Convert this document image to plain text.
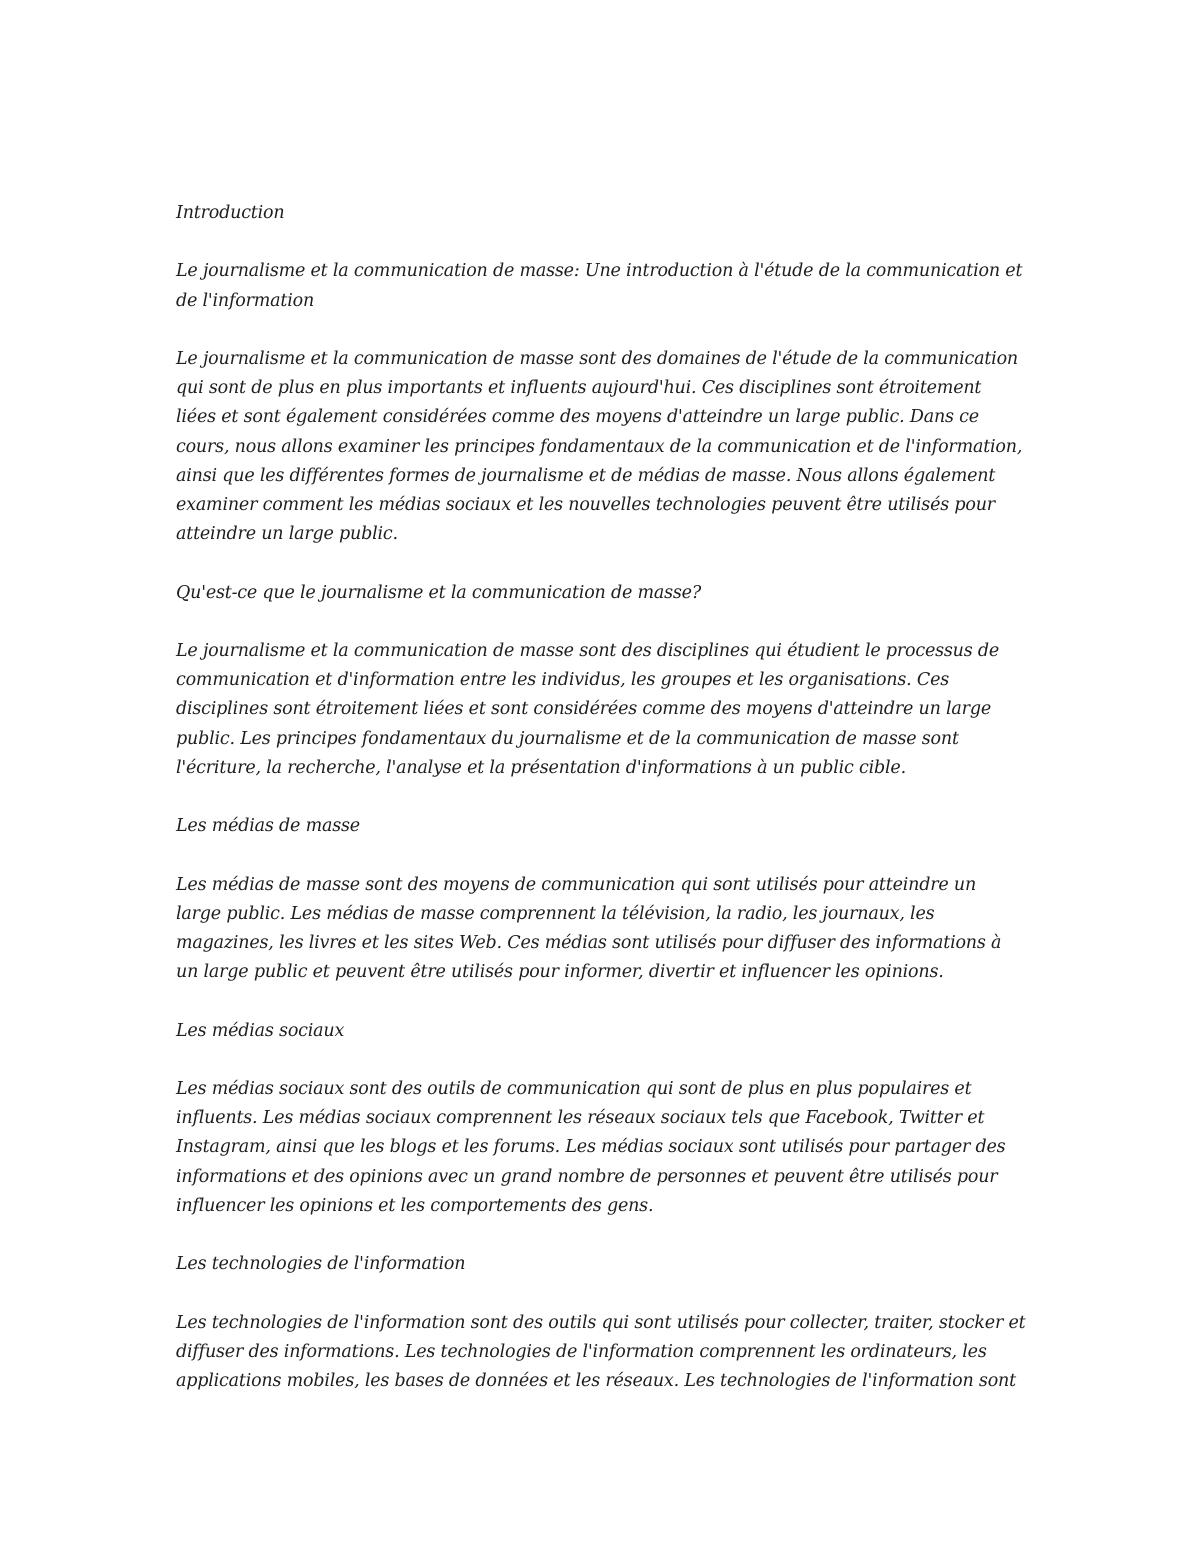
Introduction

Le journalisme et la communication de masse: Une introduction à l'étude de la communication et de l'information

Le journalisme et la communication de masse sont des domaines de l'étude de la communication qui sont de plus en plus importants et influents aujourd'hui. Ces disciplines sont étroitement liées et sont également considérées comme des moyens d'atteindre un large public. Dans ce cours, nous allons examiner les principes fondamentaux de la communication et de l'information, ainsi que les différentes formes de journalisme et de médias de masse. Nous allons également examiner comment les médias sociaux et les nouvelles technologies peuvent être utilisés pour atteindre un large public.

Qu'est-ce que le journalisme et la communication de masse?

Le journalisme et la communication de masse sont des disciplines qui étudient le processus de communication et d'information entre les individus, les groupes et les organisations. Ces disciplines sont étroitement liées et sont considérées comme des moyens d'atteindre un large public. Les principes fondamentaux du journalisme et de la communication de masse sont l'écriture, la recherche, l'analyse et la présentation d'informations à un public cible.

Les médias de masse

Les médias de masse sont des moyens de communication qui sont utilisés pour atteindre un large public. Les médias de masse comprennent la télévision, la radio, les journaux, les magazines, les livres et les sites Web. Ces médias sont utilisés pour diffuser des informations à un large public et peuvent être utilisés pour informer, divertir et influencer les opinions.

Les médias sociaux

Les médias sociaux sont des outils de communication qui sont de plus en plus populaires et influents. Les médias sociaux comprennent les réseaux sociaux tels que Facebook, Twitter et Instagram, ainsi que les blogs et les forums. Les médias sociaux sont utilisés pour partager des informations et des opinions avec un grand nombre de personnes et peuvent être utilisés pour influencer les opinions et les comportements des gens.

Les technologies de l'information

Les technologies de l'information sont des outils qui sont utilisés pour collecter, traiter, stocker et diffuser des informations. Les technologies de l'information comprennent les ordinateurs, les applications mobiles, les bases de données et les réseaux. Les technologies de l'information sont
